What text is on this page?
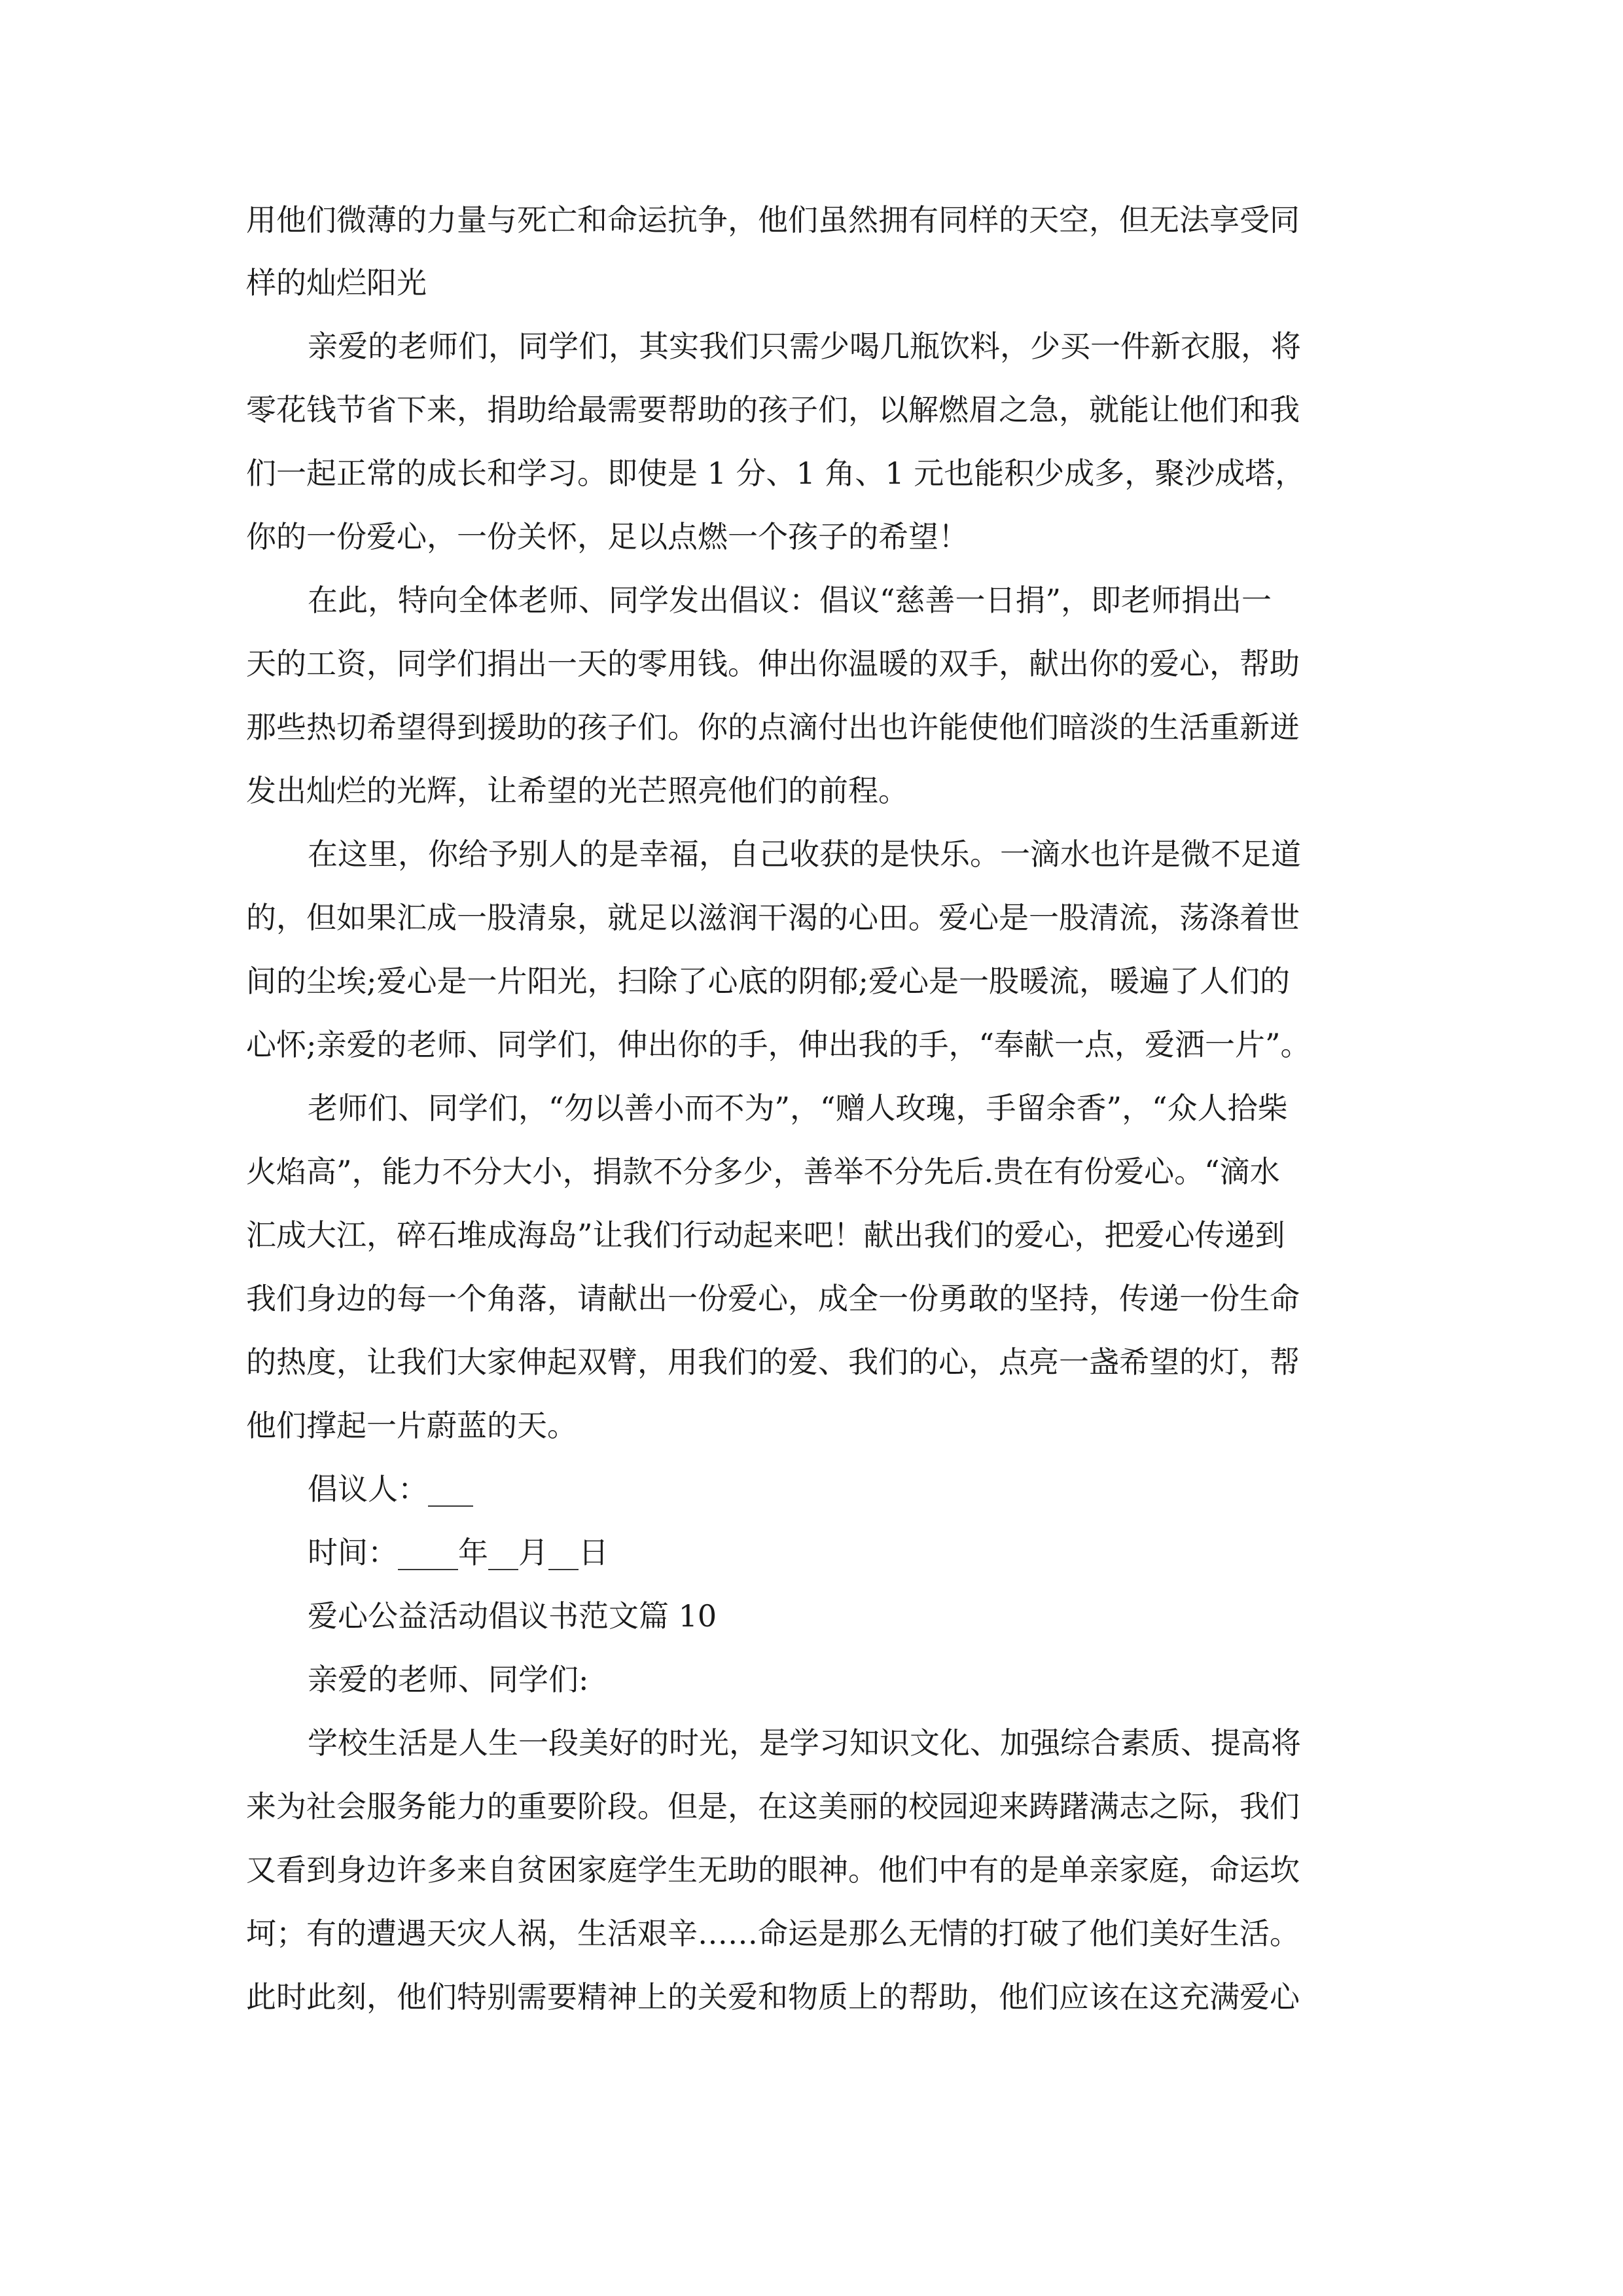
用他们微薄的力量与死亡和命运抗争，他们虽然拥有同样的天空，但无法享受同

样的灿烂阳光

亲爱的老师们，同学们，其实我们只需少喝几瓶饮料，少买一件新衣服，将

零花钱节省下来，捐助给最需要帮助的孩子们，以解燃眉之急，就能让他们和我

们一起正常的成长和学习。即使是 1 分、1 角、1 元也能积少成多，聚沙成塔，

你的一份爱心，一份关怀，足以点燃一个孩子的希望！

在此，特向全体老师、同学发出倡议：倡议“慈善一日捐”，即老师捐出一

天的工资，同学们捐出一天的零用钱。伸出你温暖的双手，献出你的爱心，帮助

那些热切希望得到援助的孩子们。你的点滴付出也许能使他们暗淡的生活重新迸

发出灿烂的光辉，让希望的光芒照亮他们的前程。

在这里，你给予别人的是幸福，自己收获的是快乐。一滴水也许是微不足道

的，但如果汇成一股清泉，就足以滋润干渴的心田。爱心是一股清流，荡涤着世

间的尘埃;爱心是一片阳光，扫除了心底的阴郁;爱心是一股暖流，暖遍了人们的

心怀;亲爱的老师、同学们，伸出你的手，伸出我的手，“奉献一点，爱洒一片”。

老师们、同学们，“勿以善小而不为”，“赠人玫瑰，手留余香”，“众人拾柴

火焰高”，能力不分大小，捐款不分多少，善举不分先后.贵在有份爱心。“滴水

汇成大江，碎石堆成海岛”让我们行动起来吧！献出我们的爱心，把爱心传递到

我们身边的每一个角落，请献出一份爱心，成全一份勇敢的坚持，传递一份生命

的热度，让我们大家伸起双臂，用我们的爱、我们的心，点亮一盏希望的灯，帮

他们撑起一片蔚蓝的天。

倡议人：___

时间：____年__月__日

爱心公益活动倡议书范文篇 10

亲爱的老师、同学们:

学校生活是人生一段美好的时光，是学习知识文化、加强综合素质、提高将

来为社会服务能力的重要阶段。但是，在这美丽的校园迎来踌躇满志之际，我们

又看到身边许多来自贫困家庭学生无助的眼神。他们中有的是单亲家庭，命运坎

坷；有的遭遇天灾人祸，生活艰辛……命运是那么无情的打破了他们美好生活。

此时此刻，他们特别需要精神上的关爱和物质上的帮助，他们应该在这充满爱心
